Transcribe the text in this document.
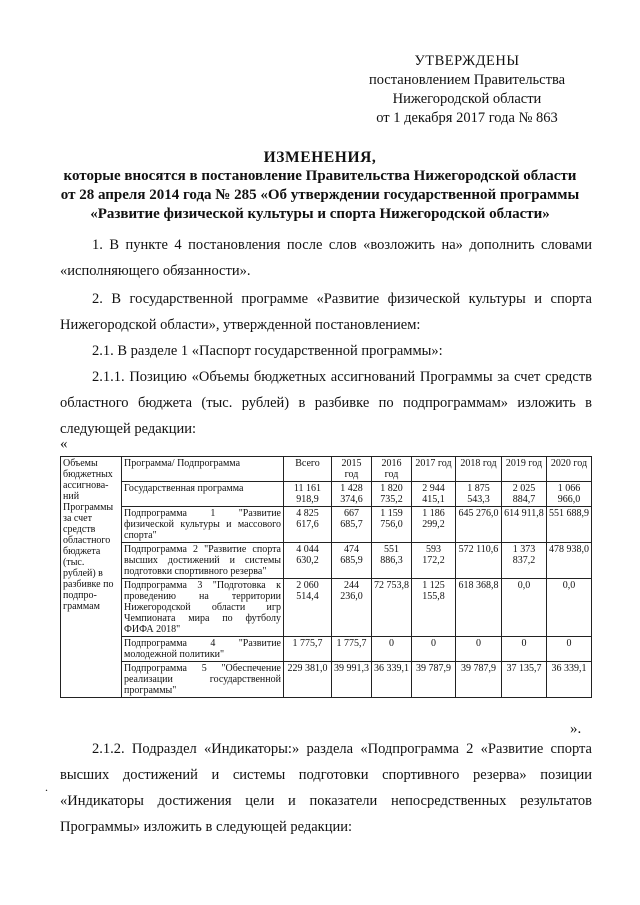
УТВЕРЖДЕНЫ
постановлением Правительства
Нижегородской области
от 1 декабря 2017 года № 863
ИЗМЕНЕНИЯ,
которые вносятся в постановление Правительства Нижегородской области
от 28 апреля 2014 года № 285 «Об утверждении государственной программы
«Развитие физической культуры и спорта Нижегородской области»
1. В пункте 4 постановления после слов «возложить на» дополнить словами «исполняющего обязанности».
2. В государственной программе «Развитие физической культуры и спорта Нижегородской области», утвержденной постановлением:
2.1. В разделе 1 «Паспорт государственной программы»:
2.1.1. Позицию «Объемы бюджетных ассигнований Программы за счет средств областного бюджета (тыс. рублей) в разбивке по подпрограммам» изложить в следующей редакции:
«
Объемы бюджетных ассигнова-ний Программы за счет средств областного бюджета (тыс. рублей) в разбивке по подпро-граммам	Программа/ Подпрограмма	Всего	2015 год	2016 год	2017 год	2018 год	2019 год	2020 год
	Государственная программа	11 161 918,9	1 428 374,6	1 820 735,2	2 944 415,1	1 875 543,3	2 025 884,7	1 066 966,0
	Подпрограмма 1 "Развитие физической культуры и массового спорта"	4 825 617,6	667 685,7	1 159 756,0	1 186 299,2	645 276,0	614 911,8	551 688,9
	Подпрограмма 2 "Развитие спорта высших достижений и системы подготовки спортивного резерва"	4 044 630,2	474 685,9	551 886,3	593 172,2	572 110,6	1 373 837,2	478 938,0
	Подпрограмма 3 "Подготовка к проведению на территории Нижегородской области игр Чемпионата мира по футболу ФИФА 2018"	2 060 514,4	244 236,0	72 753,8	1 125 155,8	618 368,8	0,0	0,0
	Подпрограмма 4 "Развитие молодежной политики"	1 775,7	1 775,7	0	0	0	0	0
	Подпрограмма 5 "Обеспечение реализации государственной программы"	229 381,0	39 991,3	36 339,1	39 787,9	39 787,9	37 135,7	36 339,1
».
.
2.1.2. Подраздел «Индикаторы:» раздела «Подпрограмма 2 «Развитие спорта высших достижений и системы подготовки спортивного резерва» позиции «Индикаторы достижения цели и показатели непосредственных результатов Программы» изложить в следующей редакции:
